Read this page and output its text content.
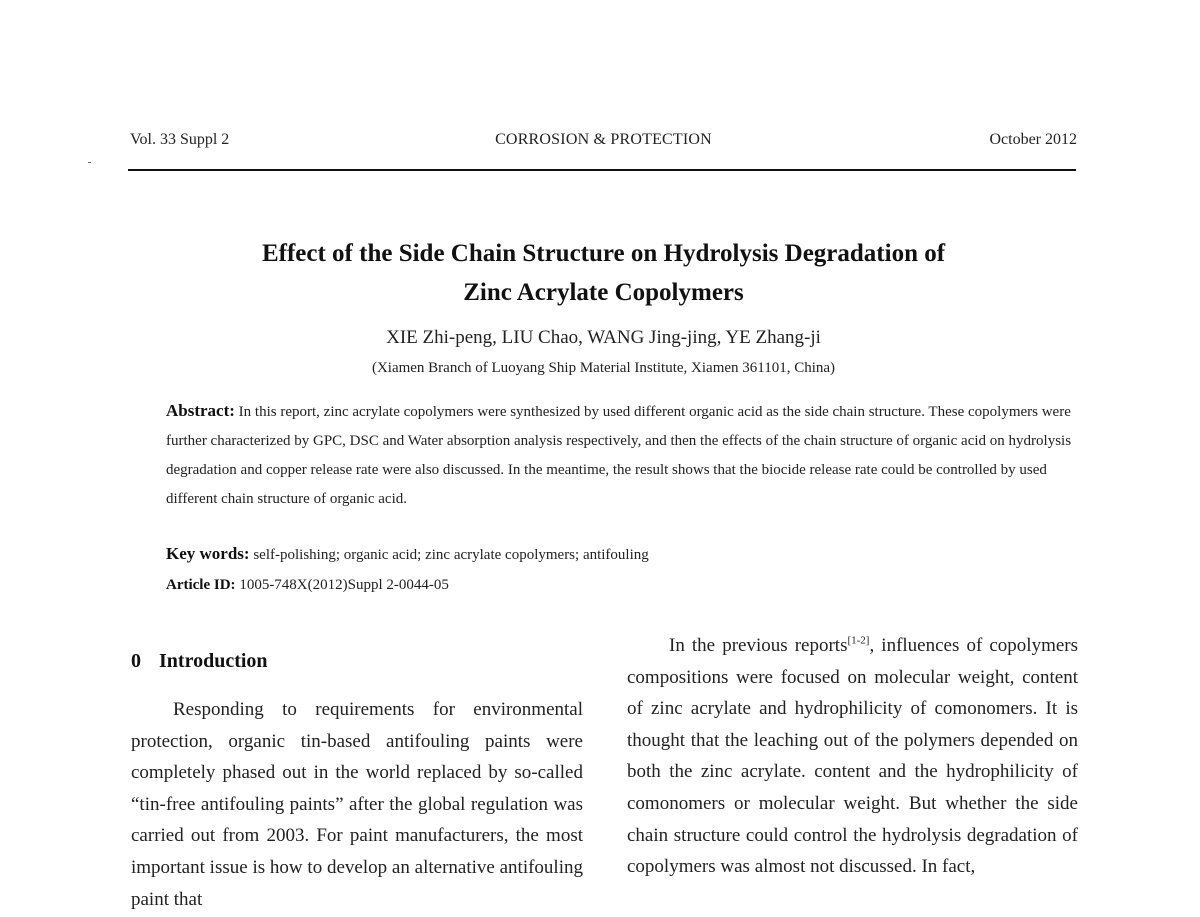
Vol. 33 Suppl 2	CORROSION & PROTECTION	October 2012
Effect of the Side Chain Structure on Hydrolysis Degradation of
Zinc Acrylate Copolymers
XIE Zhi-peng, LIU Chao, WANG Jing-jing, YE Zhang-ji
(Xiamen Branch of Luoyang Ship Material Institute, Xiamen 361101, China)
Abstract: In this report, zinc acrylate copolymers were synthesized by used different organic acid as the side chain structure. These copolymers were further characterized by GPC, DSC and Water absorption analysis respectively, and then the effects of the chain structure of organic acid on hydrolysis degradation and copper release rate were also discussed. In the meantime, the result shows that the biocide release rate could be controlled by used different chain structure of organic acid.
Key words: self-polishing; organic acid; zinc acrylate copolymers; antifouling
Article ID: 1005-748X(2012)Suppl 2-0044-05
0 Introduction

Responding to requirements for environmental protection, organic tin-based antifouling paints were completely phased out in the world replaced by so-called “tin-free antifouling paints” after the global regulation was carried out from 2003. For paint manufacturers, the most important issue is how to develop an alternative antifouling paint that

In the previous reports[1-2], influences of copolymers compositions were focused on molecular weight, content of zinc acrylate and hydrophilicity of comonomers. It is thought that the leaching out of the polymers depended on both the zinc acrylate. content and the hydrophilicity of comonomers or molecular weight. But whether the side chain structure could control the hydrolysis degradation of copolymers was almost not discussed. In fact,
